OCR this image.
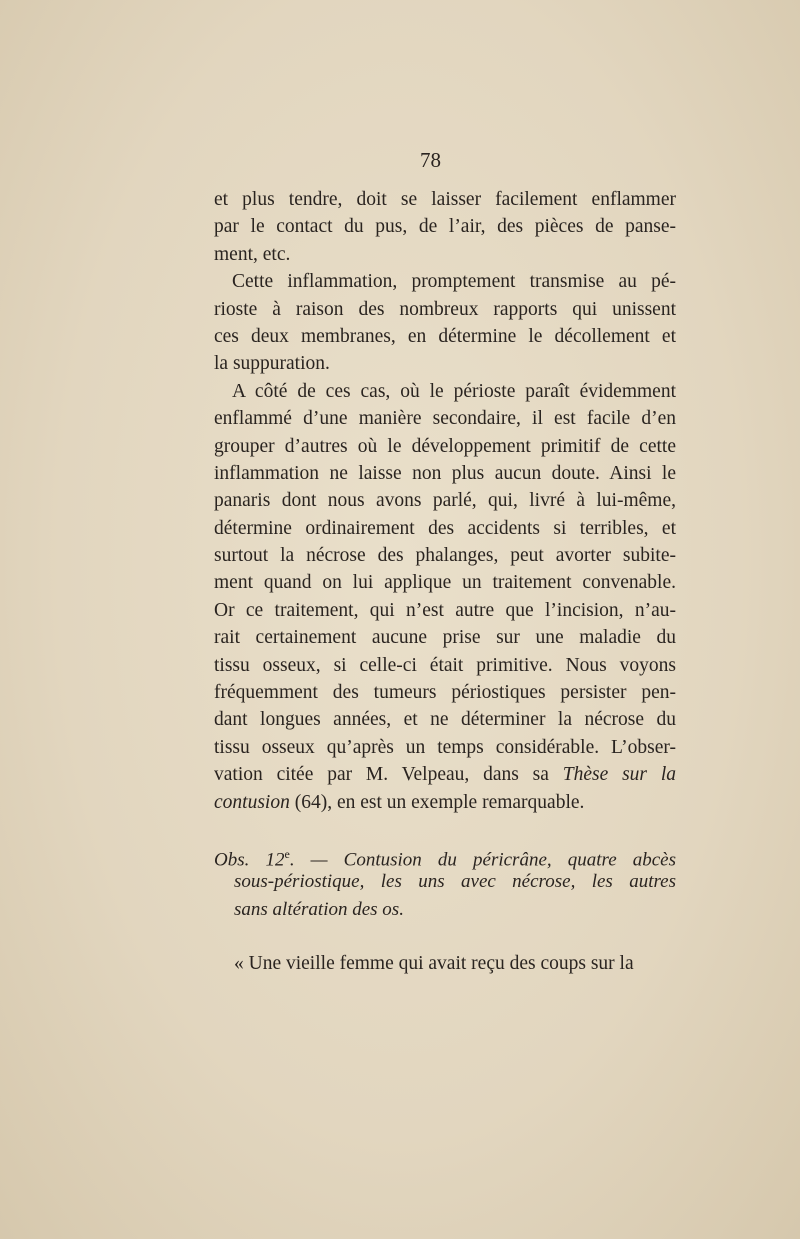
78
et plus tendre, doit se laisser facilement enflammer
par le contact du pus, de l’air, des pièces de panse-
ment, etc.
Cette inflammation, promptement transmise au pé-
rioste à raison des nombreux rapports qui unissent
ces deux membranes, en détermine le décollement et
la suppuration.
A côté de ces cas, où le périoste paraît évidemment
enflammé d’une manière secondaire, il est facile d’en
grouper d’autres où le développement primitif de cette
inflammation ne laisse non plus aucun doute. Ainsi le
panaris dont nous avons parlé, qui, livré à lui-même,
détermine ordinairement des accidents si terribles, et
surtout la nécrose des phalanges, peut avorter subite-
ment quand on lui applique un traitement convenable.
Or ce traitement, qui n’est autre que l’incision, n’au-
rait certainement aucune prise sur une maladie du
tissu osseux, si celle-ci était primitive. Nous voyons
fréquemment des tumeurs périostiques persister pen-
dant longues années, et ne déterminer la nécrose du
tissu osseux qu’après un temps considérable. L’obser-
vation citée par M. Velpeau, dans sa Thèse sur la
contusion (64), en est un exemple remarquable.
Obs. 12e. — Contusion du péricrâne, quatre abcès
sous-périostique, les uns avec nécrose, les autres
sans altération des os.
« Une vieille femme qui avait reçu des coups sur la
